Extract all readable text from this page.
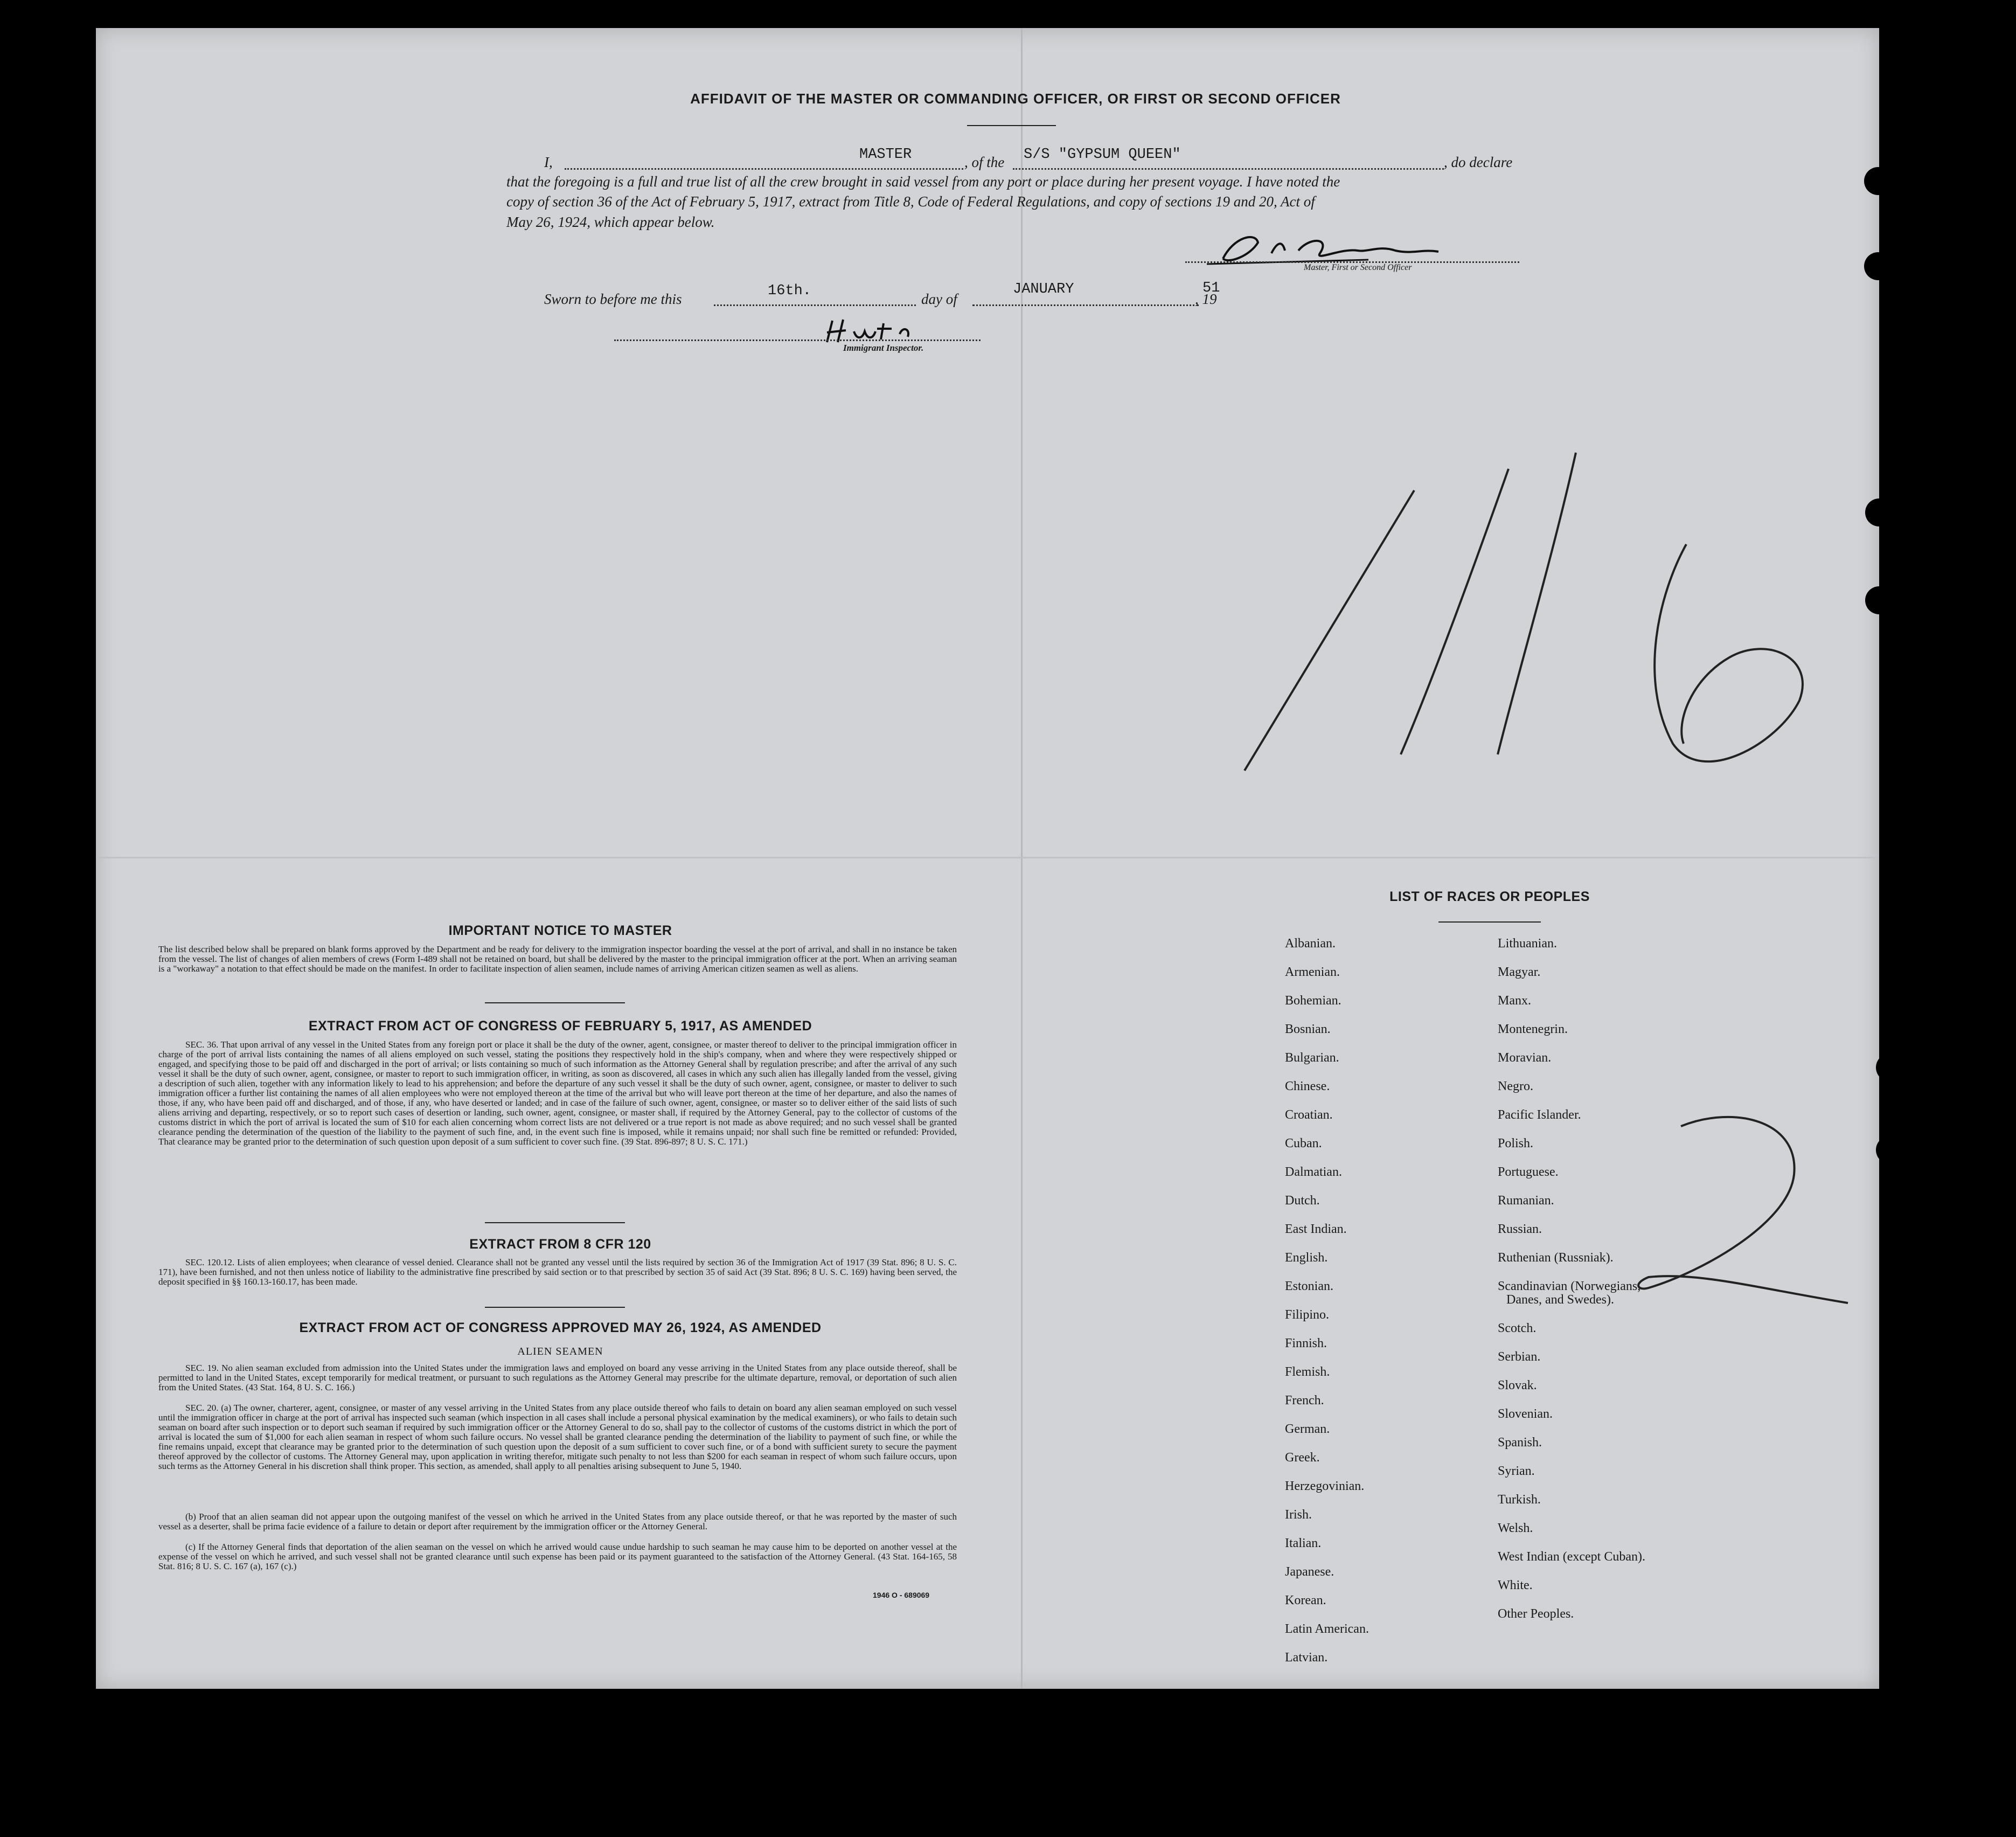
AFFIDAVIT OF THE MASTER OR COMMANDING OFFICER, OR FIRST OR SECOND OFFICER
I,	MASTER	, of the S/S "GYPSUM QUEEN"	, do declare
that the foregoing is a full and true list of all the crew brought in said vessel from any port or place during her present voyage. I have noted the
copy of section 36 of the Act of February 5, 1917, extract from Title 8, Code of Federal Regulations, and copy of sections 19 and 20, Act of
May 26, 1924, which appear below.
Master, First or Second Officer
Sworn to before me this	16th.	day of
JANUARY
, 19
51
Immigrant Inspector.
IMPORTANT NOTICE TO MASTER
The list described below shall be prepared on blank forms approved by the Department and be ready for delivery to the immigration inspector boarding the vessel at the port of arrival, and shall in no instance be taken from the vessel. The list of changes of alien members of crews (Form I-489 shall not be retained on board, but shall be delivered by the master to the principal immigration officer at the port. When an arriving seaman is a "workaway" a notation to that effect should be made on the manifest. In order to facilitate inspection of alien seamen, include names of arriving American citizen seamen as well as aliens.
EXTRACT FROM ACT OF CONGRESS OF FEBRUARY 5, 1917, AS AMENDED
SEC. 36. That upon arrival of any vessel in the United States from any foreign port or place it shall be the duty of the owner, agent, consignee, or master thereof to deliver to the principal immigration officer in charge of the port of arrival lists containing the names of all aliens employed on such vessel, stating the positions they respectively hold in the ship's company, when and where they were respectively shipped or engaged, and specifying those to be paid off and discharged in the port of arrival; or lists containing so much of such information as the Attorney General shall by regulation prescribe; and after the arrival of any such vessel it shall be the duty of such owner, agent, consignee, or master to report to such immigration officer, in writing, as soon as discovered, all cases in which any such alien has illegally landed from the vessel, giving a description of such alien, together with any information likely to lead to his apprehension; and before the departure of any such vessel it shall be the duty of such owner, agent, consignee, or master to deliver to such immigration officer a further list containing the names of all alien employees who were not employed thereon at the time of the arrival but who will leave port thereon at the time of her departure, and also the names of those, if any, who have been paid off and discharged, and of those, if any, who have deserted or landed; and in case of the failure of such owner, agent, consignee, or master so to deliver either of the said lists of such aliens arriving and departing, respectively, or so to report such cases of desertion or landing, such owner, agent, consignee, or master shall, if required by the Attorney General, pay to the collector of customs of the customs district in which the port of arrival is located the sum of $10 for each alien concerning whom correct lists are not delivered or a true report is not made as above required; and no such vessel shall be granted clearance pending the determination of the question of the liability to the payment of such fine, and, in the event such fine is imposed, while it remains unpaid; nor shall such fine be remitted or refunded: Provided, That clearance may be granted prior to the determination of such question upon deposit of a sum sufficient to cover such fine. (39 Stat. 896-897; 8 U. S. C. 171.)
EXTRACT FROM 8 CFR 120
SEC. 120.12. Lists of alien employees; when clearance of vessel denied. Clearance shall not be granted any vessel until the lists required by section 36 of the Immigration Act of 1917 (39 Stat. 896; 8 U. S. C. 171), have been furnished, and not then unless notice of liability to the administrative fine prescribed by said section or to that prescribed by section 35 of said Act (39 Stat. 896; 8 U. S. C. 169) having been served, the deposit specified in §§ 160.13-160.17, has been made.
EXTRACT FROM ACT OF CONGRESS APPROVED MAY 26, 1924, AS AMENDED
ALIEN SEAMEN
SEC. 19. No alien seaman excluded from admission into the United States under the immigration laws and employed on board any vesse arriving in the United States from any place outside thereof, shall be permitted to land in the United States, except temporarily for medical treatment, or pursuant to such regulations as the Attorney General may prescribe for the ultimate departure, removal, or deportation of such alien from the United States. (43 Stat. 164, 8 U. S. C. 166.)
SEC. 20. (a) The owner, charterer, agent, consignee, or master of any vessel arriving in the United States from any place outside thereof who fails to detain on board any alien seaman employed on such vessel until the immigration officer in charge at the port of arrival has inspected such seaman (which inspection in all cases shall include a personal physical examination by the medical examiners), or who fails to detain such seaman on board after such inspection or to deport such seaman if required by such immigration officer or the Attorney General to do so, shall pay to the collector of customs of the customs district in which the port of arrival is located the sum of $1,000 for each alien seaman in respect of whom such failure occurs. No vessel shall be granted clearance pending the determination of the liability to payment of such fine, or while the fine remains unpaid, except that clearance may be granted prior to the determination of such question upon the deposit of a sum sufficient to cover such fine, or of a bond with sufficient surety to secure the payment thereof approved by the collector of customs. The Attorney General may, upon application in writing therefor, mitigate such penalty to not less than $200 for each seaman in respect of whom such failure occurs, upon such terms as the Attorney General in his discretion shall think proper. This section, as amended, shall apply to all penalties arising subsequent to June 5, 1940.
(b) Proof that an alien seaman did not appear upon the outgoing manifest of the vessel on which he arrived in the United States from any place outside thereof, or that he was reported by the master of such vessel as a deserter, shall be prima facie evidence of a failure to detain or deport after requirement by the immigration officer or the Attorney General.
(c) If the Attorney General finds that deportation of the alien seaman on the vessel on which he arrived would cause undue hardship to such seaman he may cause him to be deported on another vessel at the expense of the vessel on which he arrived, and such vessel shall not be granted clearance until such expense has been paid or its payment guaranteed to the satisfaction of the Attorney General. (43 Stat. 164-165, 58 Stat. 816; 8 U. S. C. 167 (a), 167 (c).)
1946 O - 689069
LIST OF RACES OR PEOPLES
Albanian.
Armenian.
Bohemian.
Bosnian.
Bulgarian.
Chinese.
Croatian.
Cuban.
Dalmatian.
Dutch.
East Indian.
English.
Estonian.
Filipino.
Finnish.
Flemish.
French.
German.
Greek.
Herzegovinian.
Irish.
Italian.
Japanese.
Korean.
Latin American.
Latvian.
Lithuanian.
Magyar.
Manx.
Montenegrin.
Moravian.
Negro.
Pacific Islander.
Polish.
Portuguese.
Rumanian.
Russian.
Ruthenian (Russniak).
Scandinavian (Norwegians,
Danes, and Swedes).
Scotch.
Serbian.
Slovak.
Slovenian.
Spanish.
Syrian.
Turkish.
Welsh.
West Indian (except Cuban).
White.
Other Peoples.
